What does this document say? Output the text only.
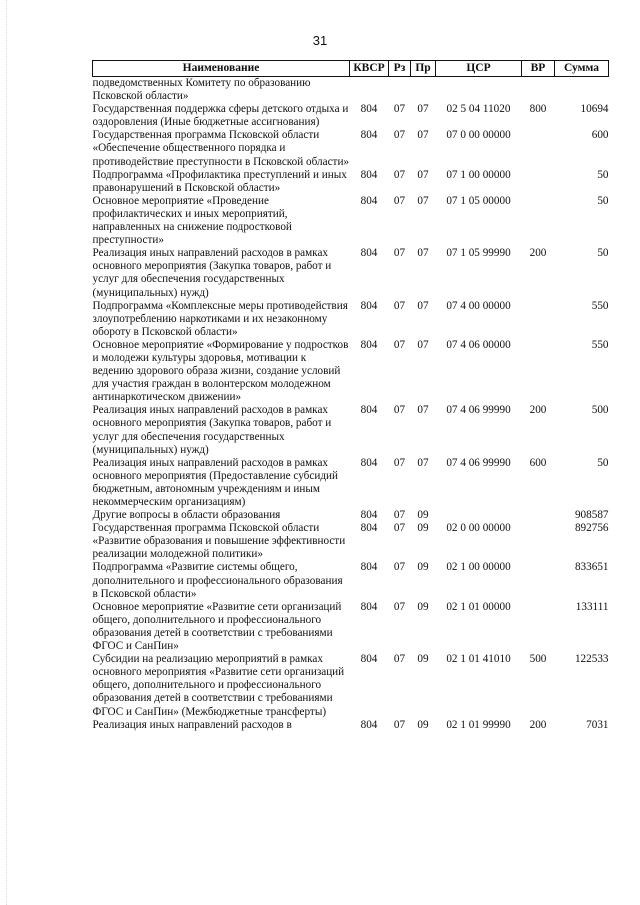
31
Наименование	КВСР	Рз	Пр	ЦСР	ВР	Сумма
подведомственных Комитету по образованию Псковской области»						
Государственная поддержка сферы детского отдыха и оздоровления (Иные бюджетные ассигнования)	804	07	07	02 5 04 11020	800	10694
Государственная программа Псковской области «Обеспечение общественного порядка и противодействие преступности в Псковской области»	804	07	07	07 0 00 00000		600
Подпрограмма «Профилактика преступлений и иных правонарушений в Псковской области»	804	07	07	07 1 00 00000		50
Основное мероприятие «Проведение профилактических и иных мероприятий, направленных на снижение подростковой преступности»	804	07	07	07 1 05 00000		50
Реализация иных направлений расходов в рамках основного мероприятия (Закупка товаров, работ и услуг для обеспечения государственных (муниципальных) нужд)	804	07	07	07 1 05 99990	200	50
Подпрограмма «Комплексные меры противодействия злоупотреблению наркотиками и их незаконному обороту в Псковской области»	804	07	07	07 4 00 00000		550
Основное мероприятие «Формирование у подростков и молодежи культуры здоровья, мотивации к ведению здорового образа жизни, создание условий для участия граждан в волонтерском молодежном антинаркотическом движении»	804	07	07	07 4 06 00000		550
Реализация иных направлений расходов в рамках основного мероприятия (Закупка товаров, работ и услуг для обеспечения государственных (муниципальных) нужд)	804	07	07	07 4 06 99990	200	500
Реализация иных направлений расходов в рамках основного мероприятия (Предоставление субсидий бюджетным, автономным учреждениям и иным некоммерческим организациям)	804	07	07	07 4 06 99990	600	50
Другие вопросы в области образования	804	07	09			908587
Государственная программа Псковской области «Развитие образования и повышение эффективности реализации молодежной политики»	804	07	09	02 0 00 00000		892756
Подпрограмма «Развитие системы общего, дополнительного и профессионального образования в Псковской области»	804	07	09	02 1 00 00000		833651
Основное мероприятие «Развитие сети организаций общего, дополнительного и профессионального образования детей в соответствии с требованиями ФГОС и СанПин»	804	07	09	02 1 01 00000		133111
Субсидии на реализацию мероприятий в рамках основного мероприятия «Развитие сети организаций общего, дополнительного и профессионального образования детей в соответствии с требованиями ФГОС и СанПин» (Межбюджетные трансферты)	804	07	09	02 1 01 41010	500	122533
Реализация иных направлений расходов в	804	07	09	02 1 01 99990	200	7031
